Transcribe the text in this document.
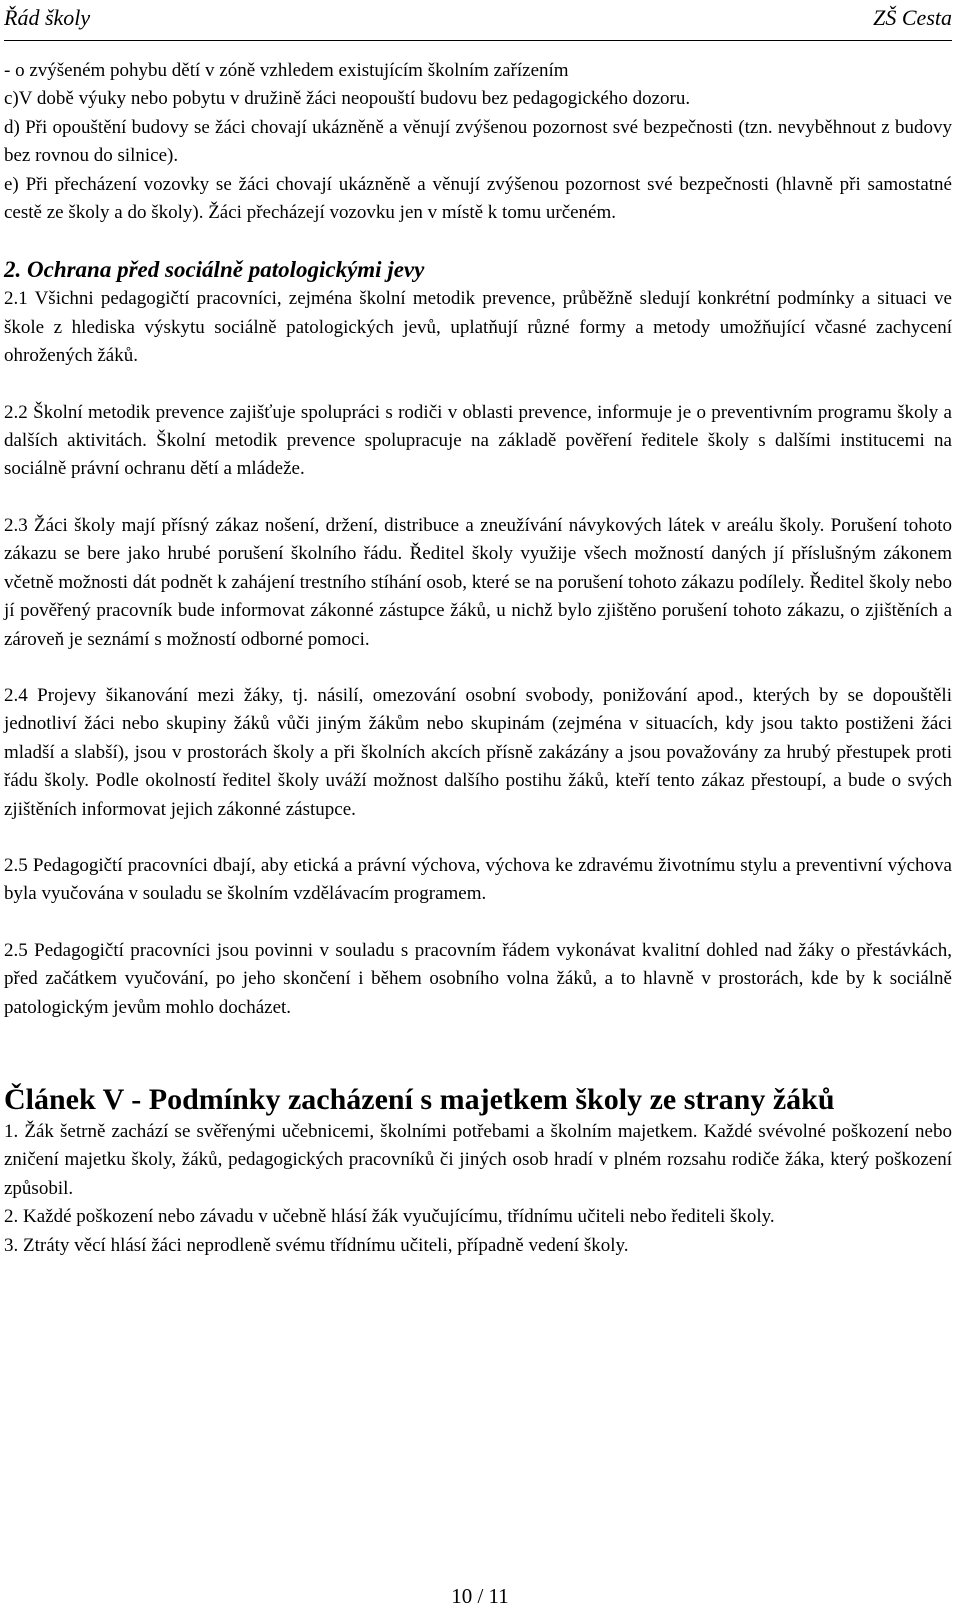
Řád školy	ZŠ Cesta

- o zvýšeném pohybu dětí v zóně vzhledem existujícím školním zařízením

c)V době výuky nebo pobytu v družině žáci neopouští budovu bez pedagogického dozoru.

d) Při opouštění budovy se žáci chovají ukázněně a věnují zvýšenou pozornost své bezpečnosti (tzn. nevyběhnout z budovy bez rovnou do silnice).

e) Při přecházení vozovky se žáci chovají ukázněně a věnují zvýšenou pozornost své bezpečnosti (hlavně při samostatné cestě ze školy a do školy). Žáci přecházejí vozovku jen v místě k tomu určeném.

2. Ochrana před sociálně patologickými jevy

2.1 Všichni pedagogičtí pracovníci, zejména školní metodik prevence, průběžně sledují konkrétní podmínky a situaci ve škole z hlediska výskytu sociálně patologických jevů, uplatňují různé formy a metody umožňující včasné zachycení ohrožených žáků.

2.2 Školní metodik prevence zajišťuje spolupráci s rodiči v oblasti prevence, informuje je o preventivním programu školy a dalších aktivitách. Školní metodik prevence spolupracuje na základě pověření ředitele školy s dalšími institucemi na sociálně právní ochranu dětí a mládeže.

2.3 Žáci školy mají přísný zákaz nošení, držení, distribuce a zneužívání návykových látek v areálu školy. Porušení tohoto zákazu se bere jako hrubé porušení školního řádu. Ředitel školy využije všech možností daných jí příslušným zákonem včetně možnosti dát podnět k zahájení trestního stíhání osob, které se na porušení tohoto zákazu podílely. Ředitel školy nebo jí pověřený pracovník bude informovat zákonné zástupce žáků, u nichž bylo zjištěno porušení tohoto zákazu, o zjištěních a zároveň je seznámí s možností odborné pomoci.

2.4 Projevy šikanování mezi žáky, tj. násilí, omezování osobní svobody, ponižování apod., kterých by se dopouštěli jednotliví žáci nebo skupiny žáků vůči jiným žákům nebo skupinám (zejména v situacích, kdy jsou takto postiženi žáci mladší a slabší), jsou v prostorách školy a při školních akcích přísně zakázány a jsou považovány za hrubý přestupek proti řádu školy. Podle okolností ředitel školy uváží možnost dalšího postihu žáků, kteří tento zákaz přestoupí, a bude o svých zjištěních informovat jejich zákonné zástupce.

2.5 Pedagogičtí pracovníci dbají, aby etická a právní výchova, výchova ke zdravému životnímu stylu a preventivní výchova byla vyučována v souladu se školním vzdělávacím programem.

2.5 Pedagogičtí pracovníci jsou povinni v souladu s pracovním řádem vykonávat kvalitní dohled nad žáky o přestávkách, před začátkem vyučování, po jeho skončení i během osobního volna žáků, a to hlavně v prostorách, kde by k sociálně patologickým jevům mohlo docházet.

Článek V - Podmínky zacházení s majetkem školy ze strany žáků

1. Žák šetrně zachází se svěřenými učebnicemi, školními potřebami a školním majetkem. Každé svévolné poškození nebo zničení majetku školy, žáků, pedagogických pracovníků či jiných osob hradí v plném rozsahu rodiče žáka, který poškození způsobil.

2. Každé poškození nebo závadu v učebně hlásí žák vyučujícímu, třídnímu učiteli nebo řediteli školy.

3. Ztráty věcí hlásí žáci neprodleně svému třídnímu učiteli, případně vedení školy.

10 / 11
